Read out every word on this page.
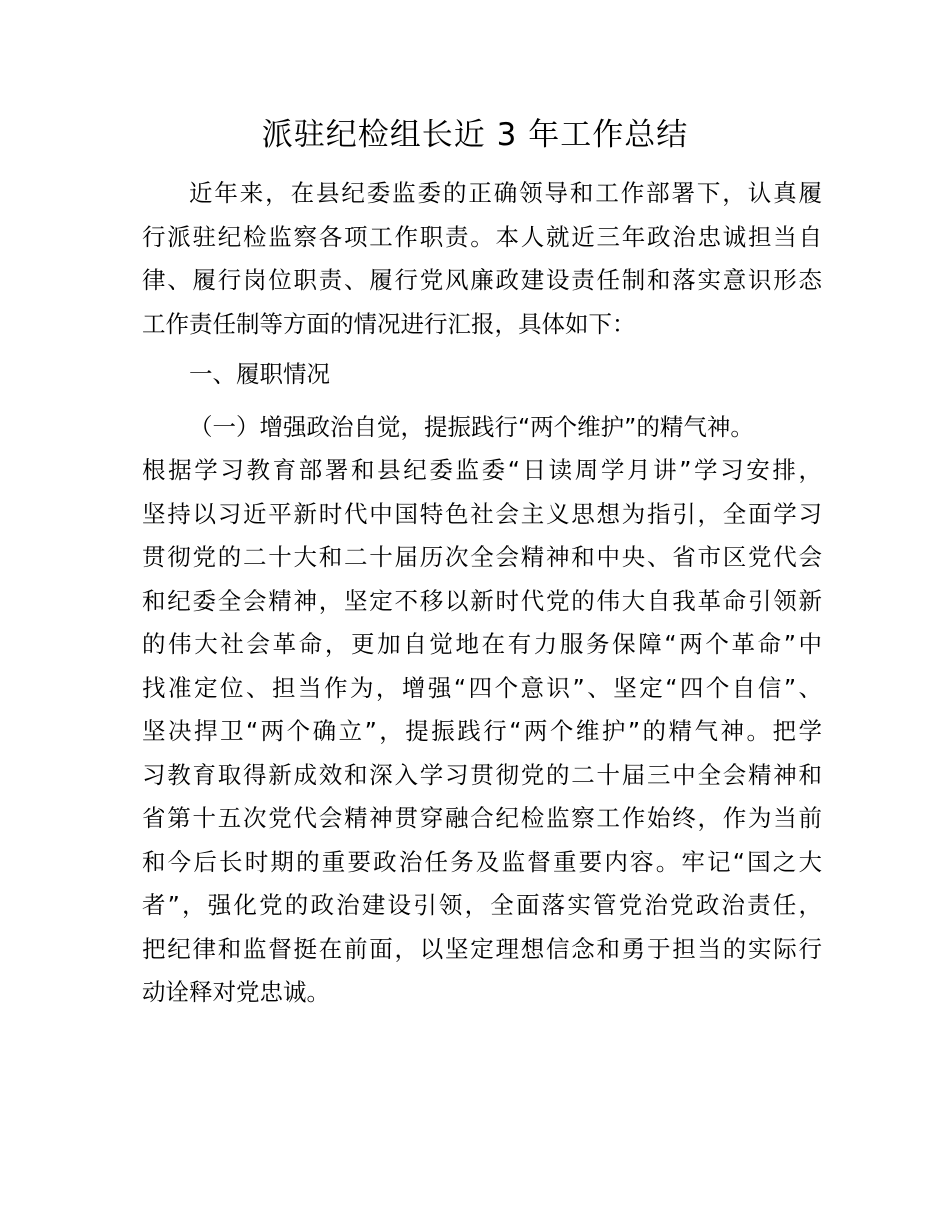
派驻纪检组长近 3 年工作总结

近年来，在县纪委监委的正确领导和工作部署下，认真履

行派驻纪检监察各项工作职责。本人就近三年政治忠诚担当自

律、履行岗位职责、履行党风廉政建设责任制和落实意识形态

工作责任制等方面的情况进行汇报，具体如下：

一、履职情况

（一）增强政治自觉，提振践行“两个维护”的精气神。

根据学习教育部署和县纪委监委“日读周学月讲”学习安排，

坚持以习近平新时代中国特色社会主义思想为指引，全面学习

贯彻党的二十大和二十届历次全会精神和中央、省市区党代会

和纪委全会精神，坚定不移以新时代党的伟大自我革命引领新

的伟大社会革命，更加自觉地在有力服务保障“两个革命”中

找准定位、担当作为，增强“四个意识”、坚定“四个自信”、

坚决捍卫“两个确立”，提振践行“两个维护”的精气神。把学

习教育取得新成效和深入学习贯彻党的二十届三中全会精神和

省第十五次党代会精神贯穿融合纪检监察工作始终，作为当前

和今后长时期的重要政治任务及监督重要内容。牢记“国之大

者”，强化党的政治建设引领，全面落实管党治党政治责任，

把纪律和监督挺在前面，以坚定理想信念和勇于担当的实际行

动诠释对党忠诚。
